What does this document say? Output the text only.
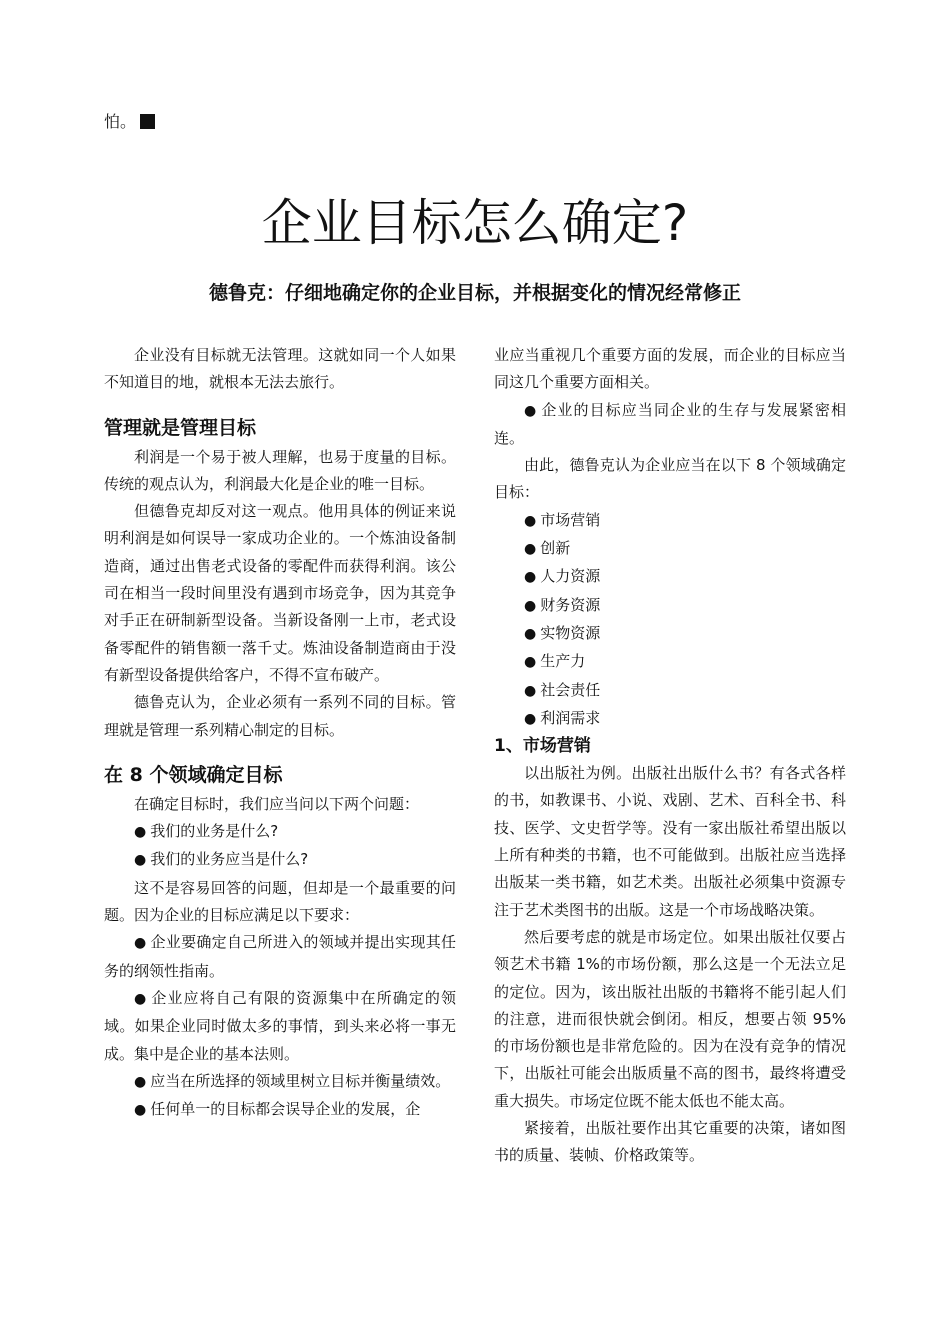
怕。
企业目标怎么确定?
德鲁克：仔细地确定你的企业目标，并根据变化的情况经常修正

企业没有目标就无法管理。这就如同一个人如果不知道目的地，就根本无法去旅行。

管理就是管理目标

利润是一个易于被人理解，也易于度量的目标。传统的观点认为，利润最大化是企业的唯一目标。

但德鲁克却反对这一观点。他用具体的例证来说明利润是如何误导一家成功企业的。一个炼油设备制造商，通过出售老式设备的零配件而获得利润。该公司在相当一段时间里没有遇到市场竞争，因为其竞争对手正在研制新型设备。当新设备刚一上市，老式设备零配件的销售额一落千丈。炼油设备制造商由于没有新型设备提供给客户，不得不宣布破产。

德鲁克认为，企业必须有一系列不同的目标。管理就是管理一系列精心制定的目标。

在 8 个领域确定目标

在确定目标时，我们应当问以下两个问题：

● 我们的业务是什么?
● 我们的业务应当是什么?

这不是容易回答的问题，但却是一个最重要的问题。因为企业的目标应满足以下要求：

● 企业要确定自己所进入的领域并提出实现其任务的纲领性指南。

● 企业应将自己有限的资源集中在所确定的领域。如果企业同时做太多的事情，到头来必将一事无成。集中是企业的基本法则。

● 应当在所选择的领域里树立目标并衡量绩效。

● 任何单一的目标都会误导企业的发展，企

业应当重视几个重要方面的发展，而企业的目标应当同这几个重要方面相关。

● 企业的目标应当同企业的生存与发展紧密相连。

由此，德鲁克认为企业应当在以下 8 个领域确定目标：

● 市场营销
● 创新
● 人力资源
● 财务资源
● 实物资源
● 生产力
● 社会责任
● 利润需求
1、市场营销

以出版社为例。出版社出版什么书？有各式各样的书，如教课书、小说、戏剧、艺术、百科全书、科技、医学、文史哲学等。没有一家出版社希望出版以上所有种类的书籍，也不可能做到。出版社应当选择出版某一类书籍，如艺术类。出版社必须集中资源专注于艺术类图书的出版。这是一个市场战略决策。

然后要考虑的就是市场定位。如果出版社仅要占领艺术书籍 1%的市场份额，那么这是一个无法立足的定位。因为，该出版社出版的书籍将不能引起人们的注意，进而很快就会倒闭。相反，想要占领 95%的市场份额也是非常危险的。因为在没有竞争的情况下，出版社可能会出版质量不高的图书，最终将遭受重大损失。市场定位既不能太低也不能太高。

紧接着，出版社要作出其它重要的决策，诸如图书的质量、装帧、价格政策等。
